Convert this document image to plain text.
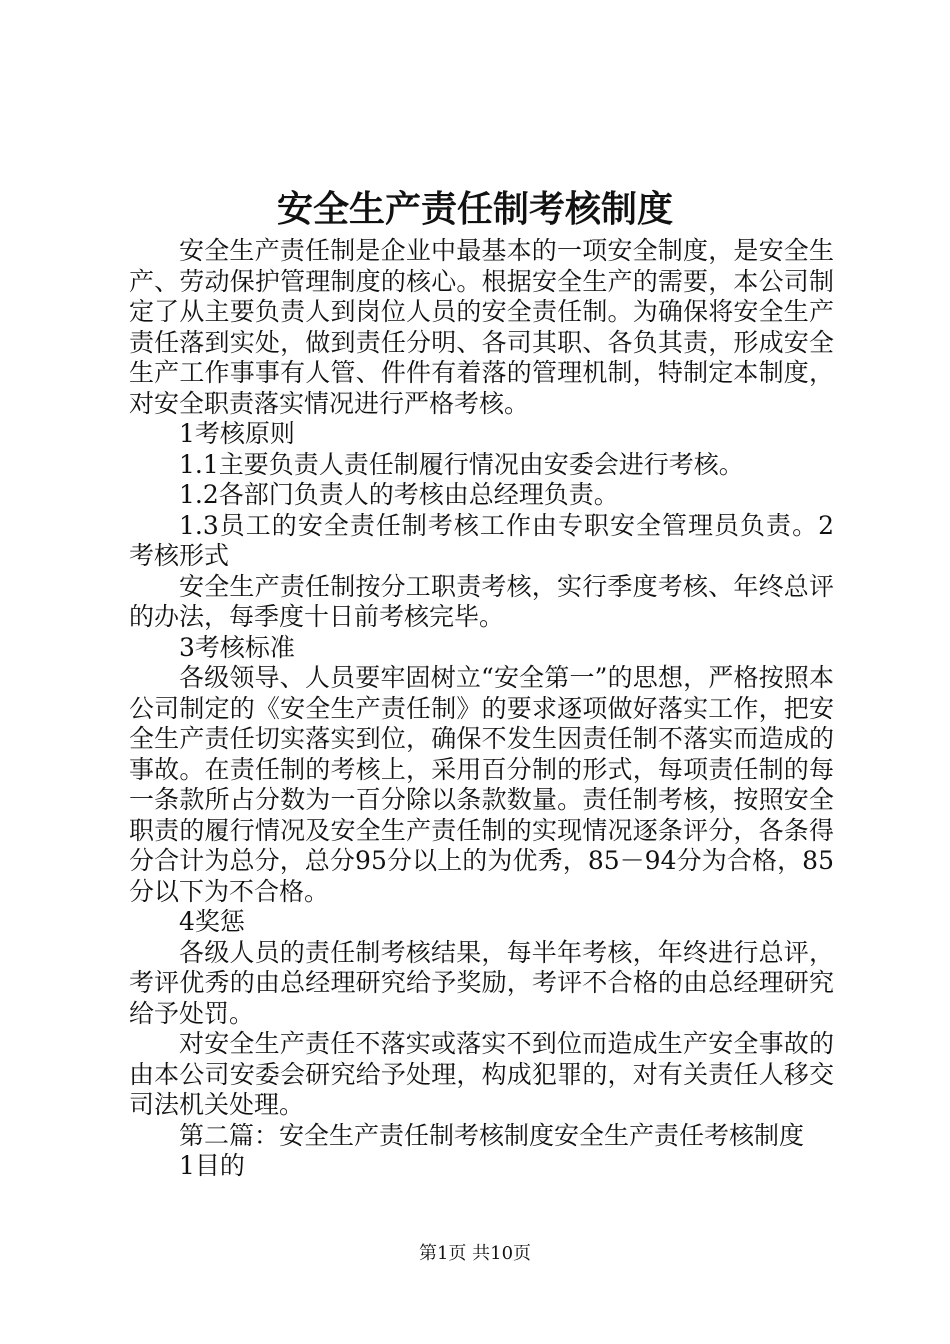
安全生产责任制考核制度

安全生产责任制是企业中最基本的一项安全制度，是安全生产、劳动保护管理制度的核心。根据安全生产的需要，本公司制定了从主要负责人到岗位人员的安全责任制。为确保将安全生产责任落到实处，做到责任分明、各司其职、各负其责，形成安全生产工作事事有人管、件件有着落的管理机制，特制定本制度，对安全职责落实情况进行严格考核。

1考核原则

1.1主要负责人责任制履行情况由安委会进行考核。

1.2各部门负责人的考核由总经理负责。

1.3员工的安全责任制考核工作由专职安全管理员负责。2考核形式

安全生产责任制按分工职责考核，实行季度考核、年终总评的办法，每季度十日前考核完毕。

3考核标准

各级领导、人员要牢固树立“安全第一”的思想，严格按照本公司制定的《安全生产责任制》的要求逐项做好落实工作，把安全生产责任切实落实到位，确保不发生因责任制不落实而造成的事故。在责任制的考核上，采用百分制的形式，每项责任制的每一条款所占分数为一百分除以条款数量。责任制考核，按照安全职责的履行情况及安全生产责任制的实现情况逐条评分，各条得分合计为总分，总分95分以上的为优秀，85－94分为合格，85分以下为不合格。

4奖惩

各级人员的责任制考核结果，每半年考核，年终进行总评，考评优秀的由总经理研究给予奖励，考评不合格的由总经理研究给予处罚。

对安全生产责任不落实或落实不到位而造成生产安全事故的由本公司安委会研究给予处理，构成犯罪的，对有关责任人移交司法机关处理。

第二篇：安全生产责任制考核制度安全生产责任考核制度

1目的

第1页 共10页
